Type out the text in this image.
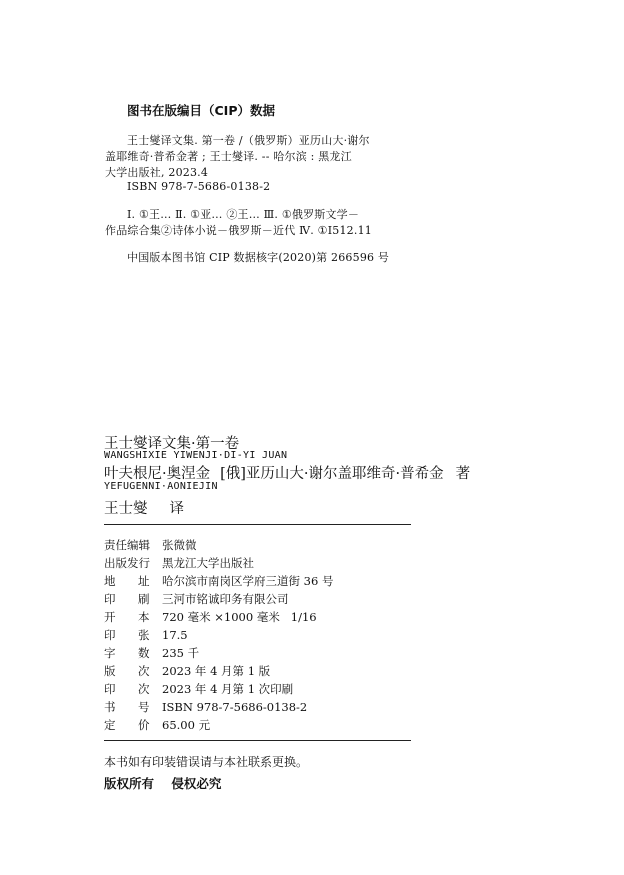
图书在版编目（CIP）数据
王士燮译文集. 第一卷 /（俄罗斯）亚历山大·谢尔
盖耶维奇·普希金著 ; 王士燮译. -- 哈尔滨 : 黑龙江
大学出版社, 2023.4
ISBN 978-7-5686-0138-2
Ⅰ. ①王… Ⅱ. ①亚… ②王… Ⅲ. ①俄罗斯文学－
作品综合集②诗体小说－俄罗斯－近代 Ⅳ. ①I512.11
中国版本图书馆 CIP 数据核字(2020)第 266596 号
王士燮译文集·第一卷
WANGSHIXIE YIWENJI·DI-YI JUAN
叶夫根尼·奥涅金 [俄]亚历山大·谢尔盖耶维奇·普希金 著
YEFUGENNI·AONIEJIN
王士燮 译
责任编辑 张微微
出版发行 黑龙江大学出版社
地 址 哈尔滨市南岗区学府三道街 36 号
印 刷 三河市铭诚印务有限公司
开 本 720 毫米 ×1000 毫米   1/16
印 张 17.5
字 数 235 千
版 次 2023 年 4 月第 1 版
印 次 2023 年 4 月第 1 次印刷
书 号 ISBN 978-7-5686-0138-2
定 价 65.00 元
本书如有印装错误请与本社联系更换。
版权所有    侵权必究
